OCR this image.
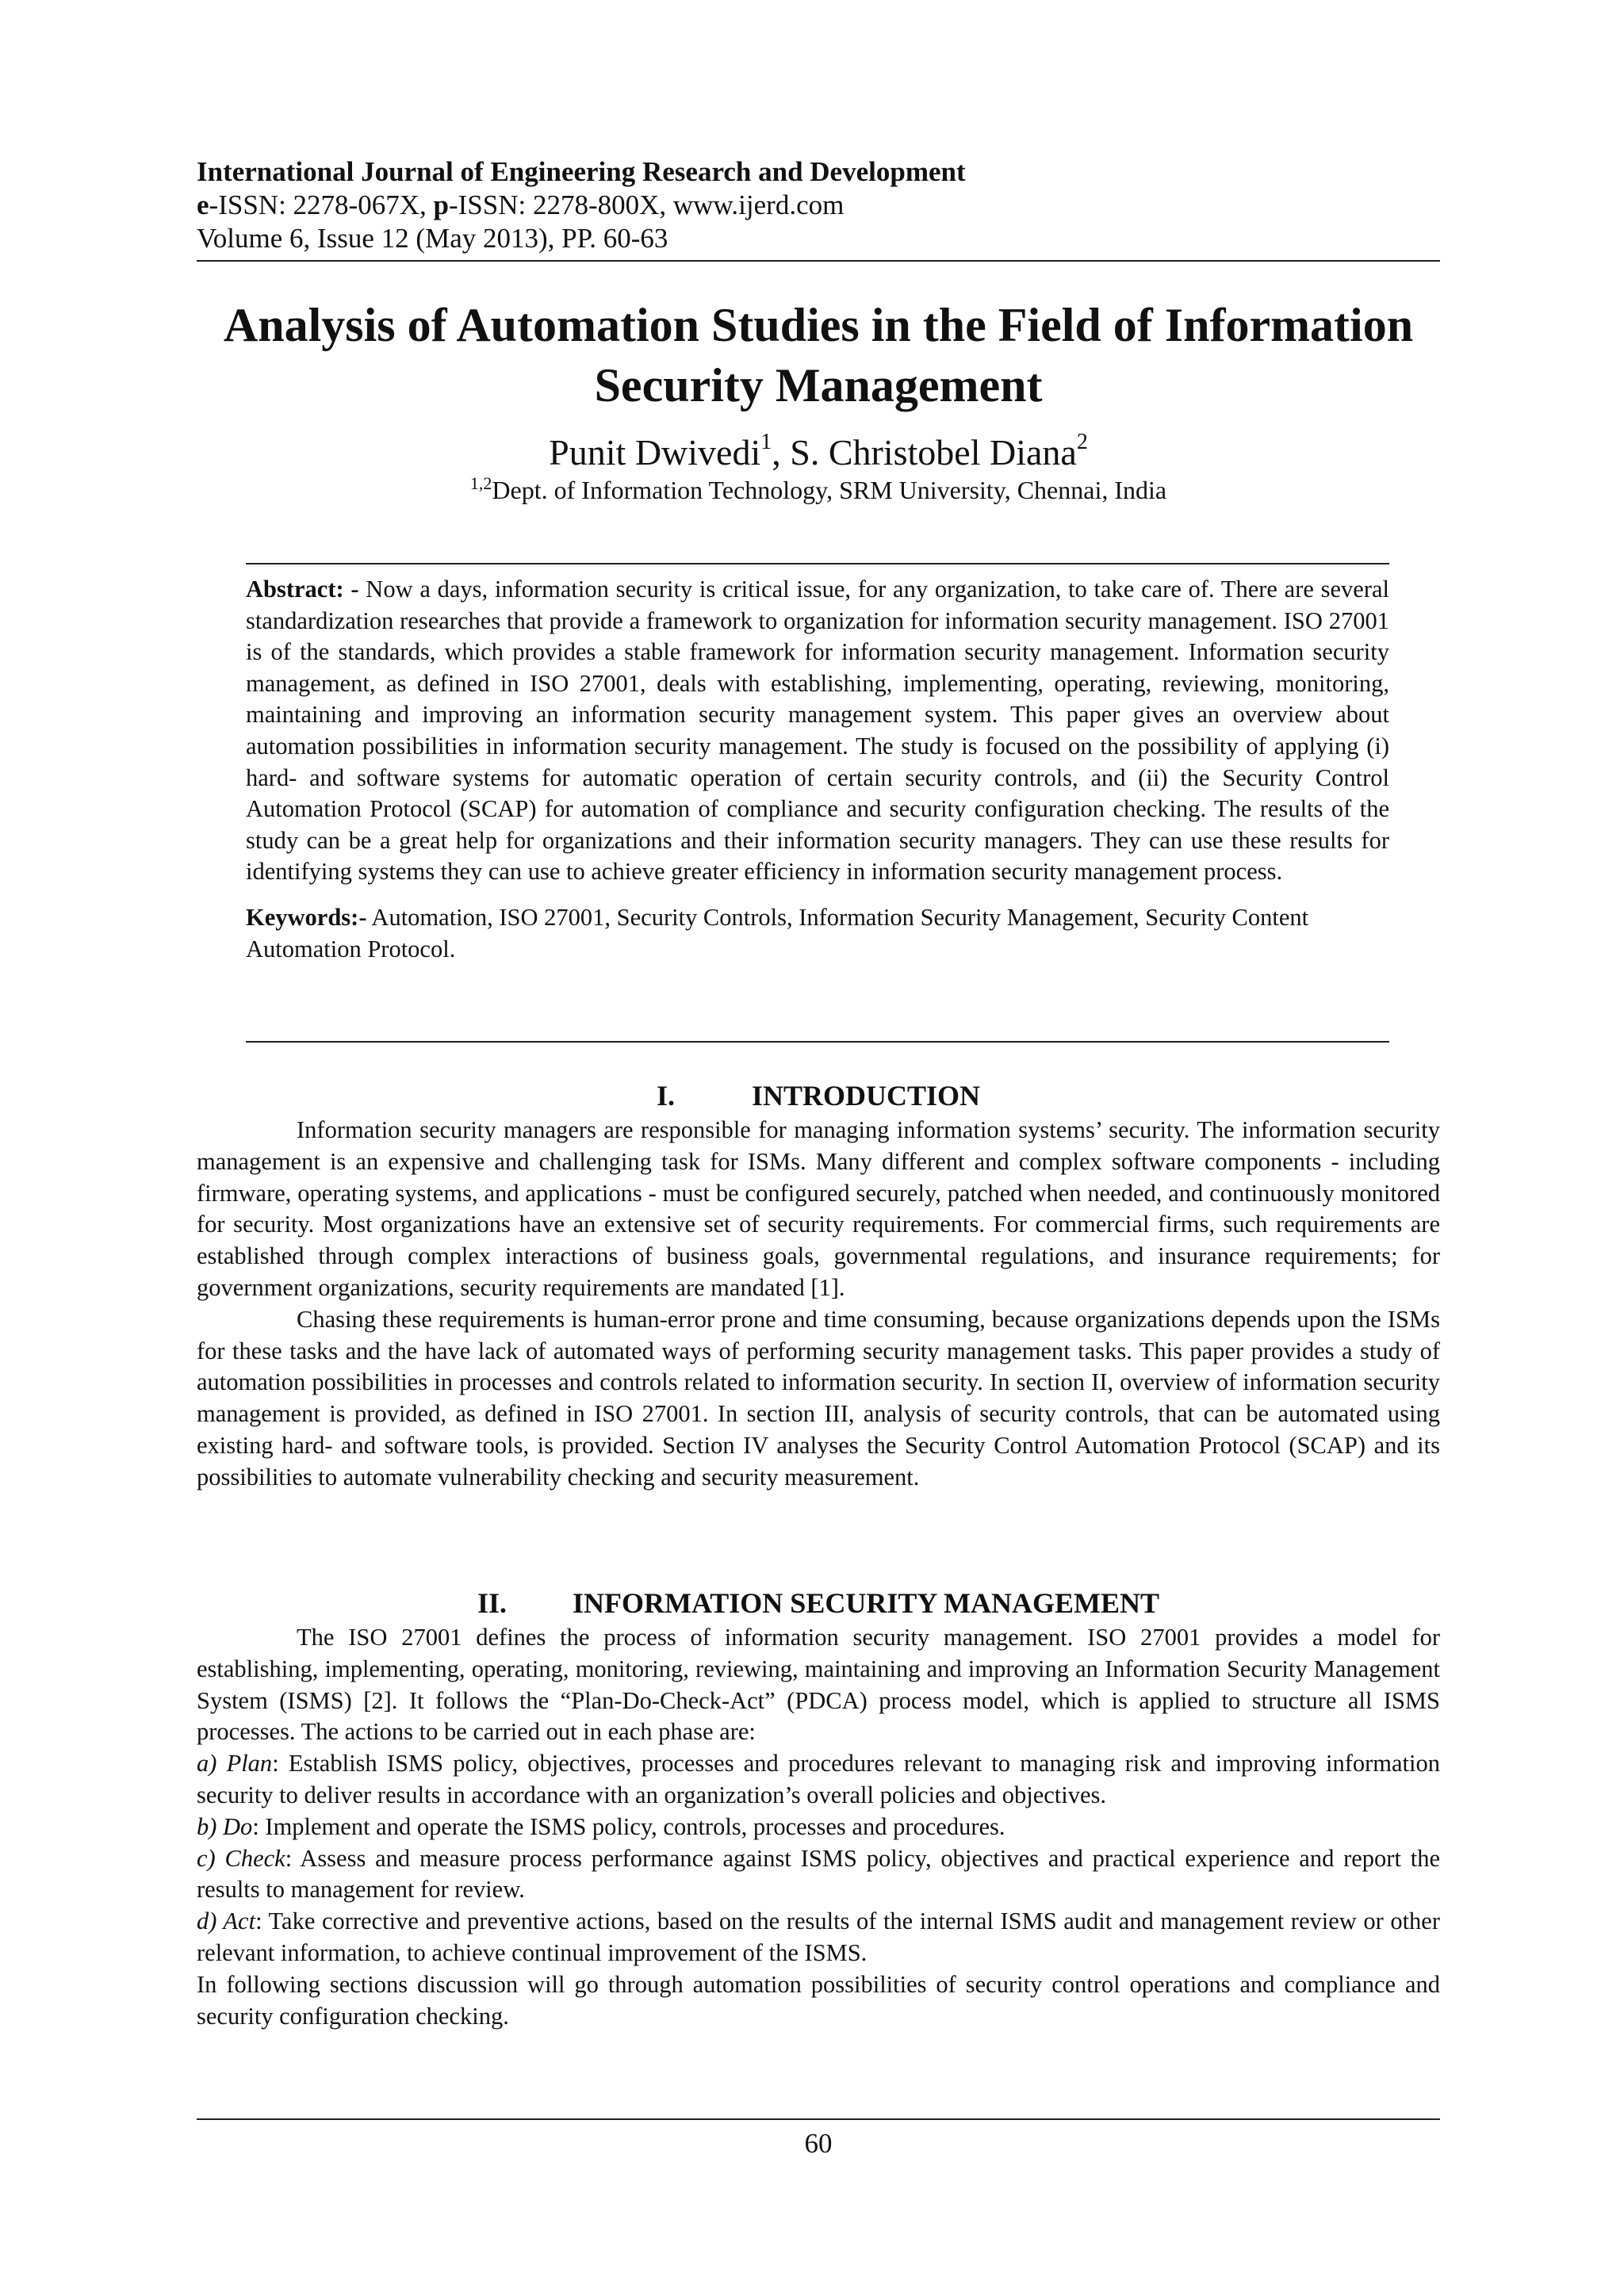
International Journal of Engineering Research and Development
e-ISSN: 2278-067X, p-ISSN: 2278-800X, www.ijerd.com
Volume 6, Issue 12 (May 2013), PP. 60-63
Analysis of Automation Studies in the Field of Information Security Management
Punit Dwivedi$^1$, S. Christobel Diana$^2$
$^{1,2}$Dept. of Information Technology, SRM University, Chennai, India

Abstract: - Now a days, information security is critical issue, for any organization, to take care of. There are several standardization researches that provide a framework to organization for information security management. ISO 27001 is of the standards, which provides a stable framework for information security management. Information security management, as defined in ISO 27001, deals with establishing, implementing, operating, reviewing, monitoring, maintaining and improving an information security management system. This paper gives an overview about automation possibilities in information security management. The study is focused on the possibility of applying (i) hard- and software systems for automatic operation of certain security controls, and (ii) the Security Control Automation Protocol (SCAP) for automation of compliance and security configuration checking. The results of the study can be a great help for organizations and their information security managers. They can use these results for identifying systems they can use to achieve greater efficiency in information security management process.

Keywords:- Automation, ISO 27001, Security Controls, Information Security Management, Security Content Automation Protocol.

I.	INTRODUCTION

Information security managers are responsible for managing information systems’ security. The information security management is an expensive and challenging task for ISMs. Many different and complex software components - including firmware, operating systems, and applications - must be configured securely, patched when needed, and continuously monitored for security. Most organizations have an extensive set of security requirements. For commercial firms, such requirements are established through complex interactions of business goals, governmental regulations, and insurance requirements; for government organizations, security requirements are mandated [1].

Chasing these requirements is human-error prone and time consuming, because organizations depends upon the ISMs for these tasks and the have lack of automated ways of performing security management tasks. This paper provides a study of automation possibilities in processes and controls related to information security. In section II, overview of information security management is provided, as defined in ISO 27001. In section III, analysis of security controls, that can be automated using existing hard- and software tools, is provided. Section IV analyses the Security Control Automation Protocol (SCAP) and its possibilities to automate vulnerability checking and security measurement.

II. INFORMATION SECURITY MANAGEMENT

The ISO 27001 defines the process of information security management. ISO 27001 provides a model for establishing, implementing, operating, monitoring, reviewing, maintaining and improving an Information Security Management System (ISMS) [2]. It follows the “Plan-Do-Check-Act” (PDCA) process model, which is applied to structure all ISMS processes. The actions to be carried out in each phase are:

a) Plan: Establish ISMS policy, objectives, processes and procedures relevant to managing risk and improving information security to deliver results in accordance with an organization’s overall policies and objectives.

b) Do: Implement and operate the ISMS policy, controls, processes and procedures.

c) Check: Assess and measure process performance against ISMS policy, objectives and practical experience and report the results to management for review.

d) Act: Take corrective and preventive actions, based on the results of the internal ISMS audit and management review or other relevant information, to achieve continual improvement of the ISMS.

In following sections discussion will go through automation possibilities of security control operations and compliance and security configuration checking.

60
